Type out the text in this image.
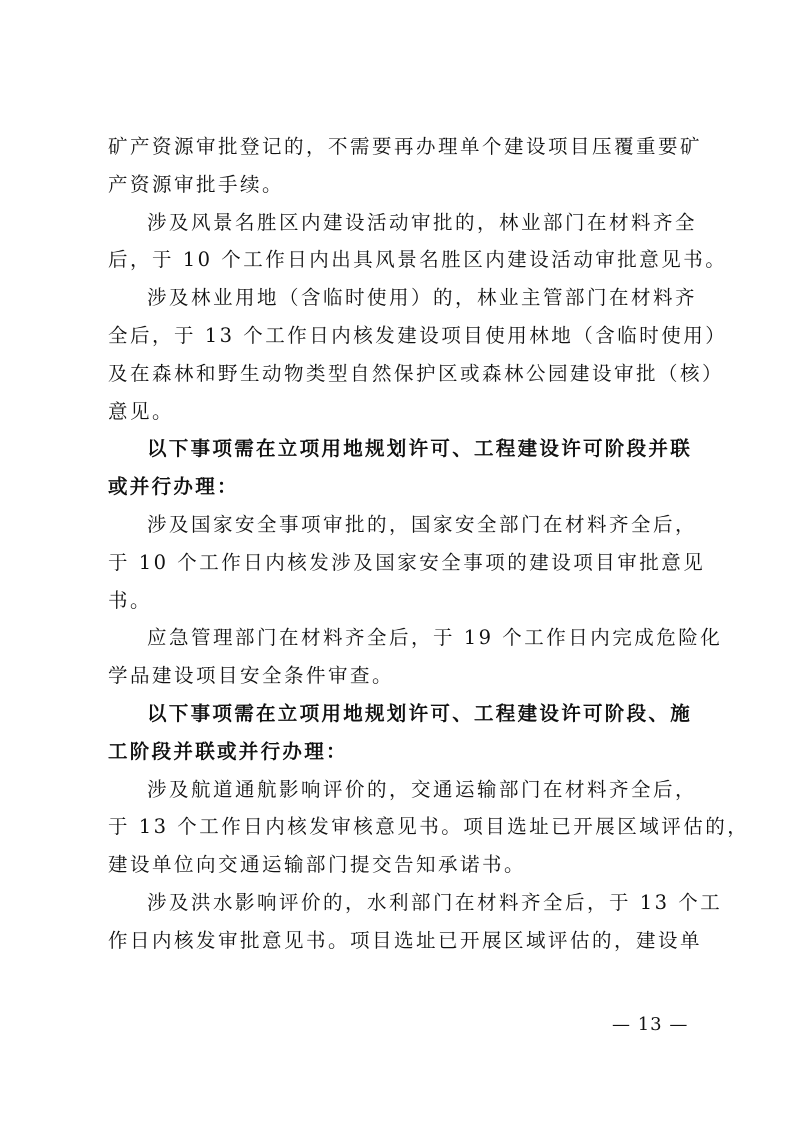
矿产资源审批登记的，不需要再办理单个建设项目压覆重要矿
产资源审批手续。
涉及风景名胜区内建设活动审批的，林业部门在材料齐全
后，于 10 个工作日内出具风景名胜区内建设活动审批意见书。
涉及林业用地（含临时使用）的，林业主管部门在材料齐
全后，于 13 个工作日内核发建设项目使用林地（含临时使用）
及在森林和野生动物类型自然保护区或森林公园建设审批（核）
意见。
以下事项需在立项用地规划许可、工程建设许可阶段并联
或并行办理：
涉及国家安全事项审批的，国家安全部门在材料齐全后，
于 10 个工作日内核发涉及国家安全事项的建设项目审批意见
书。
应急管理部门在材料齐全后，于 19 个工作日内完成危险化
学品建设项目安全条件审查。
以下事项需在立项用地规划许可、工程建设许可阶段、施
工阶段并联或并行办理：
涉及航道通航影响评价的，交通运输部门在材料齐全后，
于 13 个工作日内核发审核意见书。项目选址已开展区域评估的，
建设单位向交通运输部门提交告知承诺书。
涉及洪水影响评价的，水利部门在材料齐全后，于 13 个工
作日内核发审批意见书。项目选址已开展区域评估的，建设单
— 13 —
